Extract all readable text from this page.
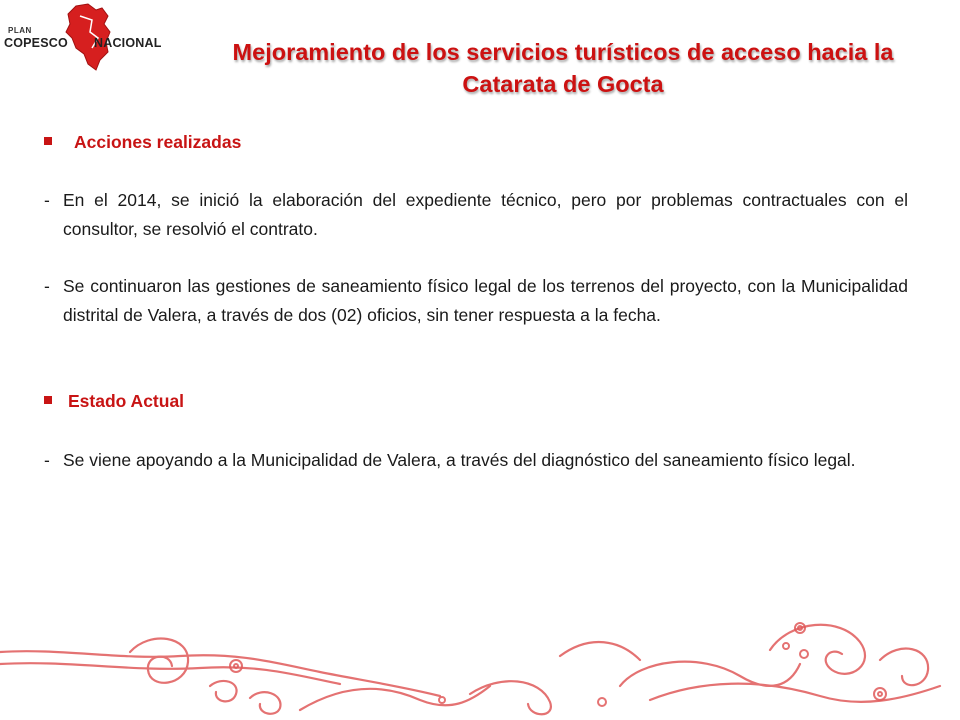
PLAN
COPESCO NACIONAL	Mejoramiento de los servicios turísticos de acceso hacia la
Catarata de Gocta
Acciones realizadas
- En el 2014, se inició la elaboración del expediente técnico, pero por problemas contractuales con el consultor, se resolvió el contrato.
- Se continuaron las gestiones de saneamiento físico legal de los terrenos del proyecto, con la Municipalidad distrital de Valera, a través de dos (02) oficios, sin tener respuesta a la fecha.
Estado Actual
- Se viene apoyando a la Municipalidad de Valera, a través del diagnóstico del saneamiento físico legal.
